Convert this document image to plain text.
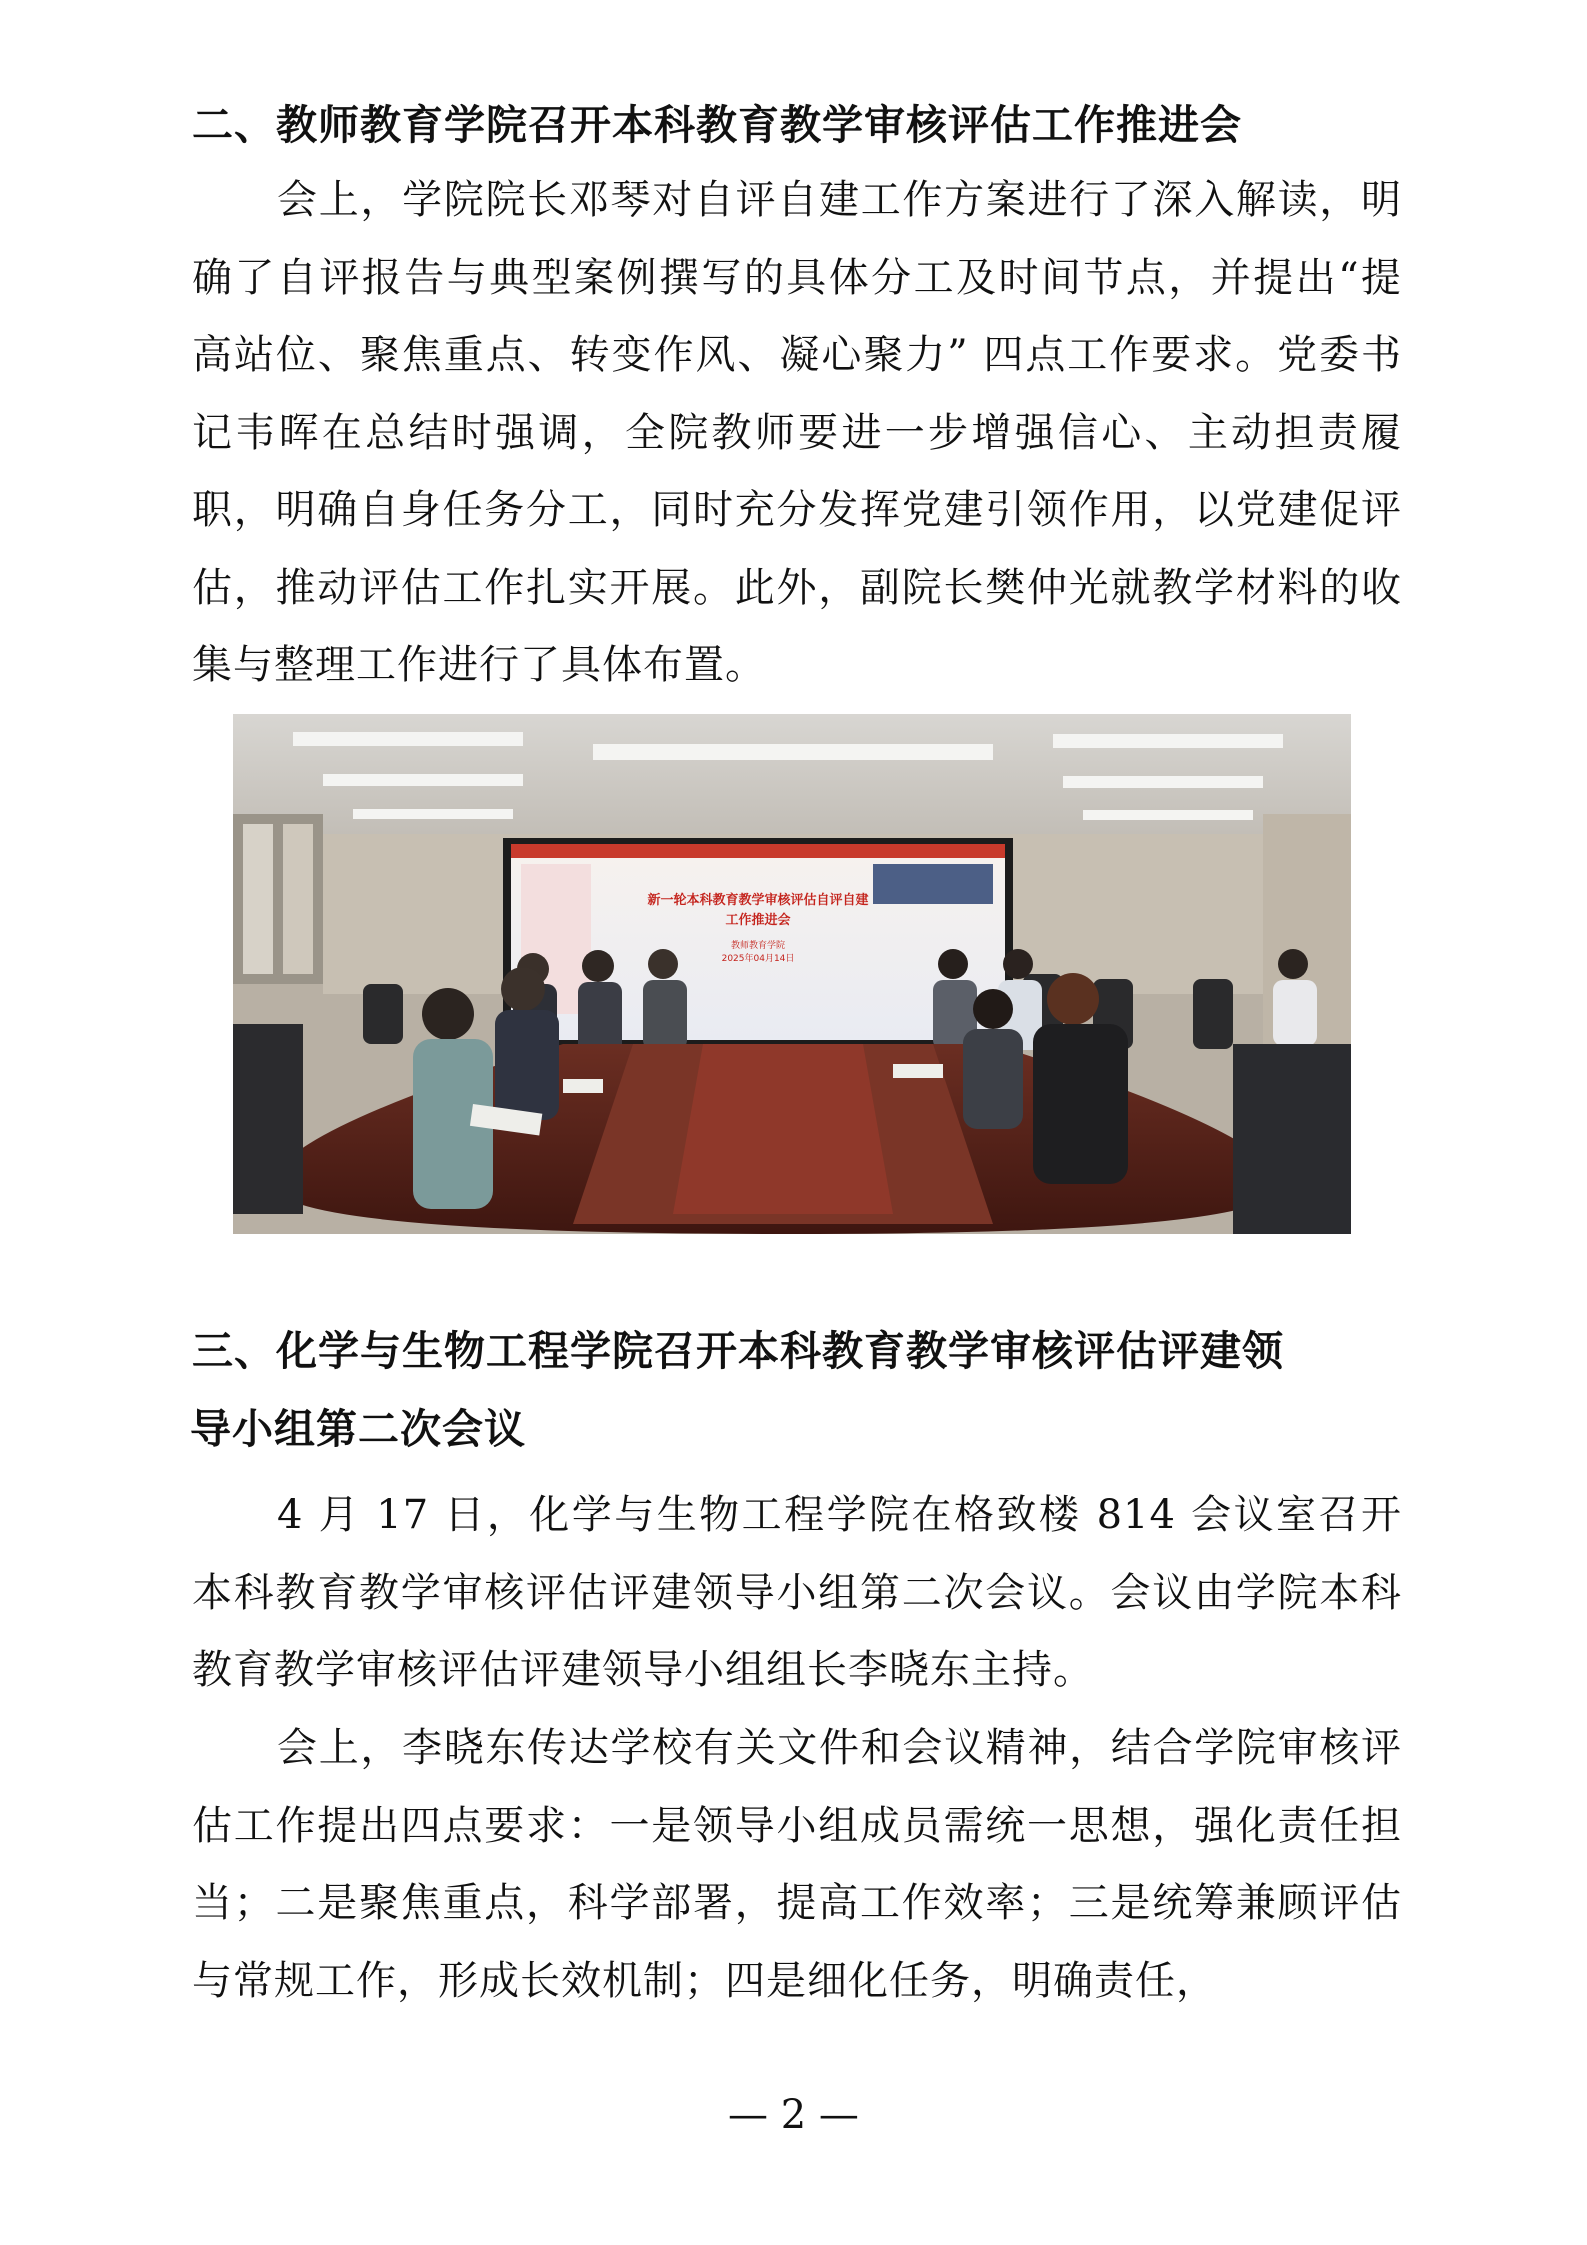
二、教师教育学院召开本科教育教学审核评估工作推进会

会上，学院院长邓琴对自评自建工作方案进行了深入解读，明确了自评报告与典型案例撰写的具体分工及时间节点，并提出“提高站位、聚焦重点、转变作风、凝心聚力” 四点工作要求。党委书记韦晖在总结时强调，全院教师要进一步增强信心、主动担责履职，明确自身任务分工，同时充分发挥党建引领作用，以党建促评估，推动评估工作扎实开展。此外，副院长樊仲光就教学材料的收集与整理工作进行了具体布置。

新一轮本科教育教学审核评估自评自建
工作推进会
教师教育学院
2025年04月14日
三、化学与生物工程学院召开本科教育教学审核评估评建领
导小组第二次会议

4 月 17 日，化学与生物工程学院在格致楼 814 会议室召开本科教育教学审核评估评建领导小组第二次会议。会议由学院本科教育教学审核评估评建领导小组组长李晓东主持。

会上，李晓东传达学校有关文件和会议精神，结合学院审核评估工作提出四点要求：一是领导小组成员需统一思想，强化责任担当；二是聚焦重点，科学部署，提高工作效率；三是统筹兼顾评估与常规工作，形成长效机制；四是细化任务，明确责任，

— 2 —
